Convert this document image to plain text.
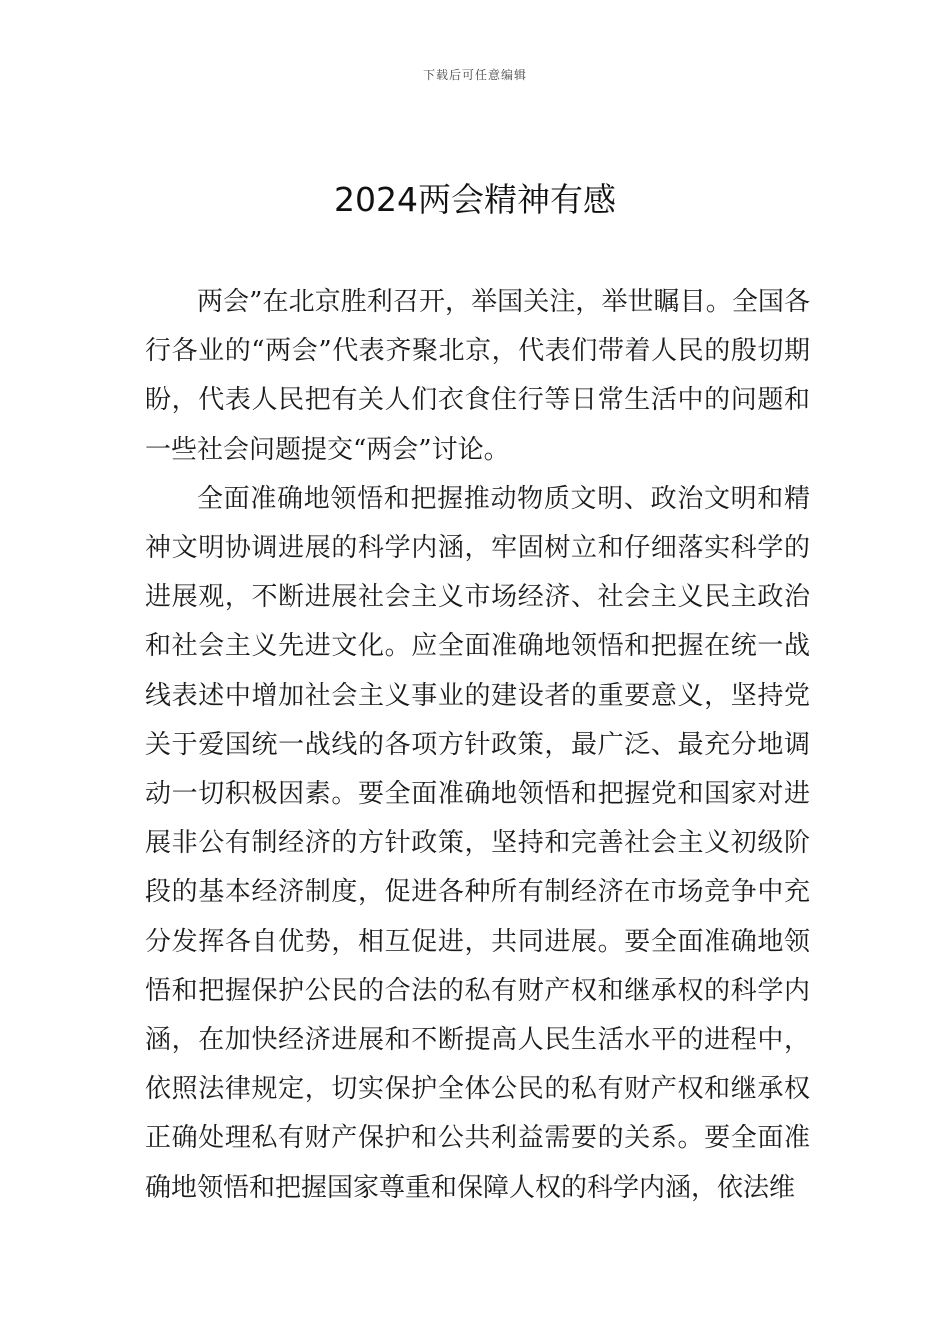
下载后可任意编辑
2024两会精神有感

两会”在北京胜利召开，举国关注，举世瞩目。全国各行各业的“两会”代表齐聚北京，代表们带着人民的殷切期盼，代表人民把有关人们衣食住行等日常生活中的问题和一些社会问题提交“两会”讨论。

全面准确地领悟和把握推动物质文明、政治文明和精神文明协调进展的科学内涵，牢固树立和仔细落实科学的进展观，不断进展社会主义市场经济、社会主义民主政治和社会主义先进文化。应全面准确地领悟和把握在统一战线表述中增加社会主义事业的建设者的重要意义，坚持党关于爱国统一战线的各项方针政策，最广泛、最充分地调动一切积极因素。要全面准确地领悟和把握党和国家对进展非公有制经济的方针政策，坚持和完善社会主义初级阶段的基本经济制度，促进各种所有制经济在市场竞争中充分发挥各自优势，相互促进，共同进展。要全面准确地领悟和把握保护公民的合法的私有财产权和继承权的科学内涵，在加快经济进展和不断提高人民生活水平的进程中，依照法律规定，切实保护全体公民的私有财产权和继承权正确处理私有财产保护和公共利益需要的关系。要全面准确地领悟和把握国家尊重和保障人权的科学内涵，依法维
